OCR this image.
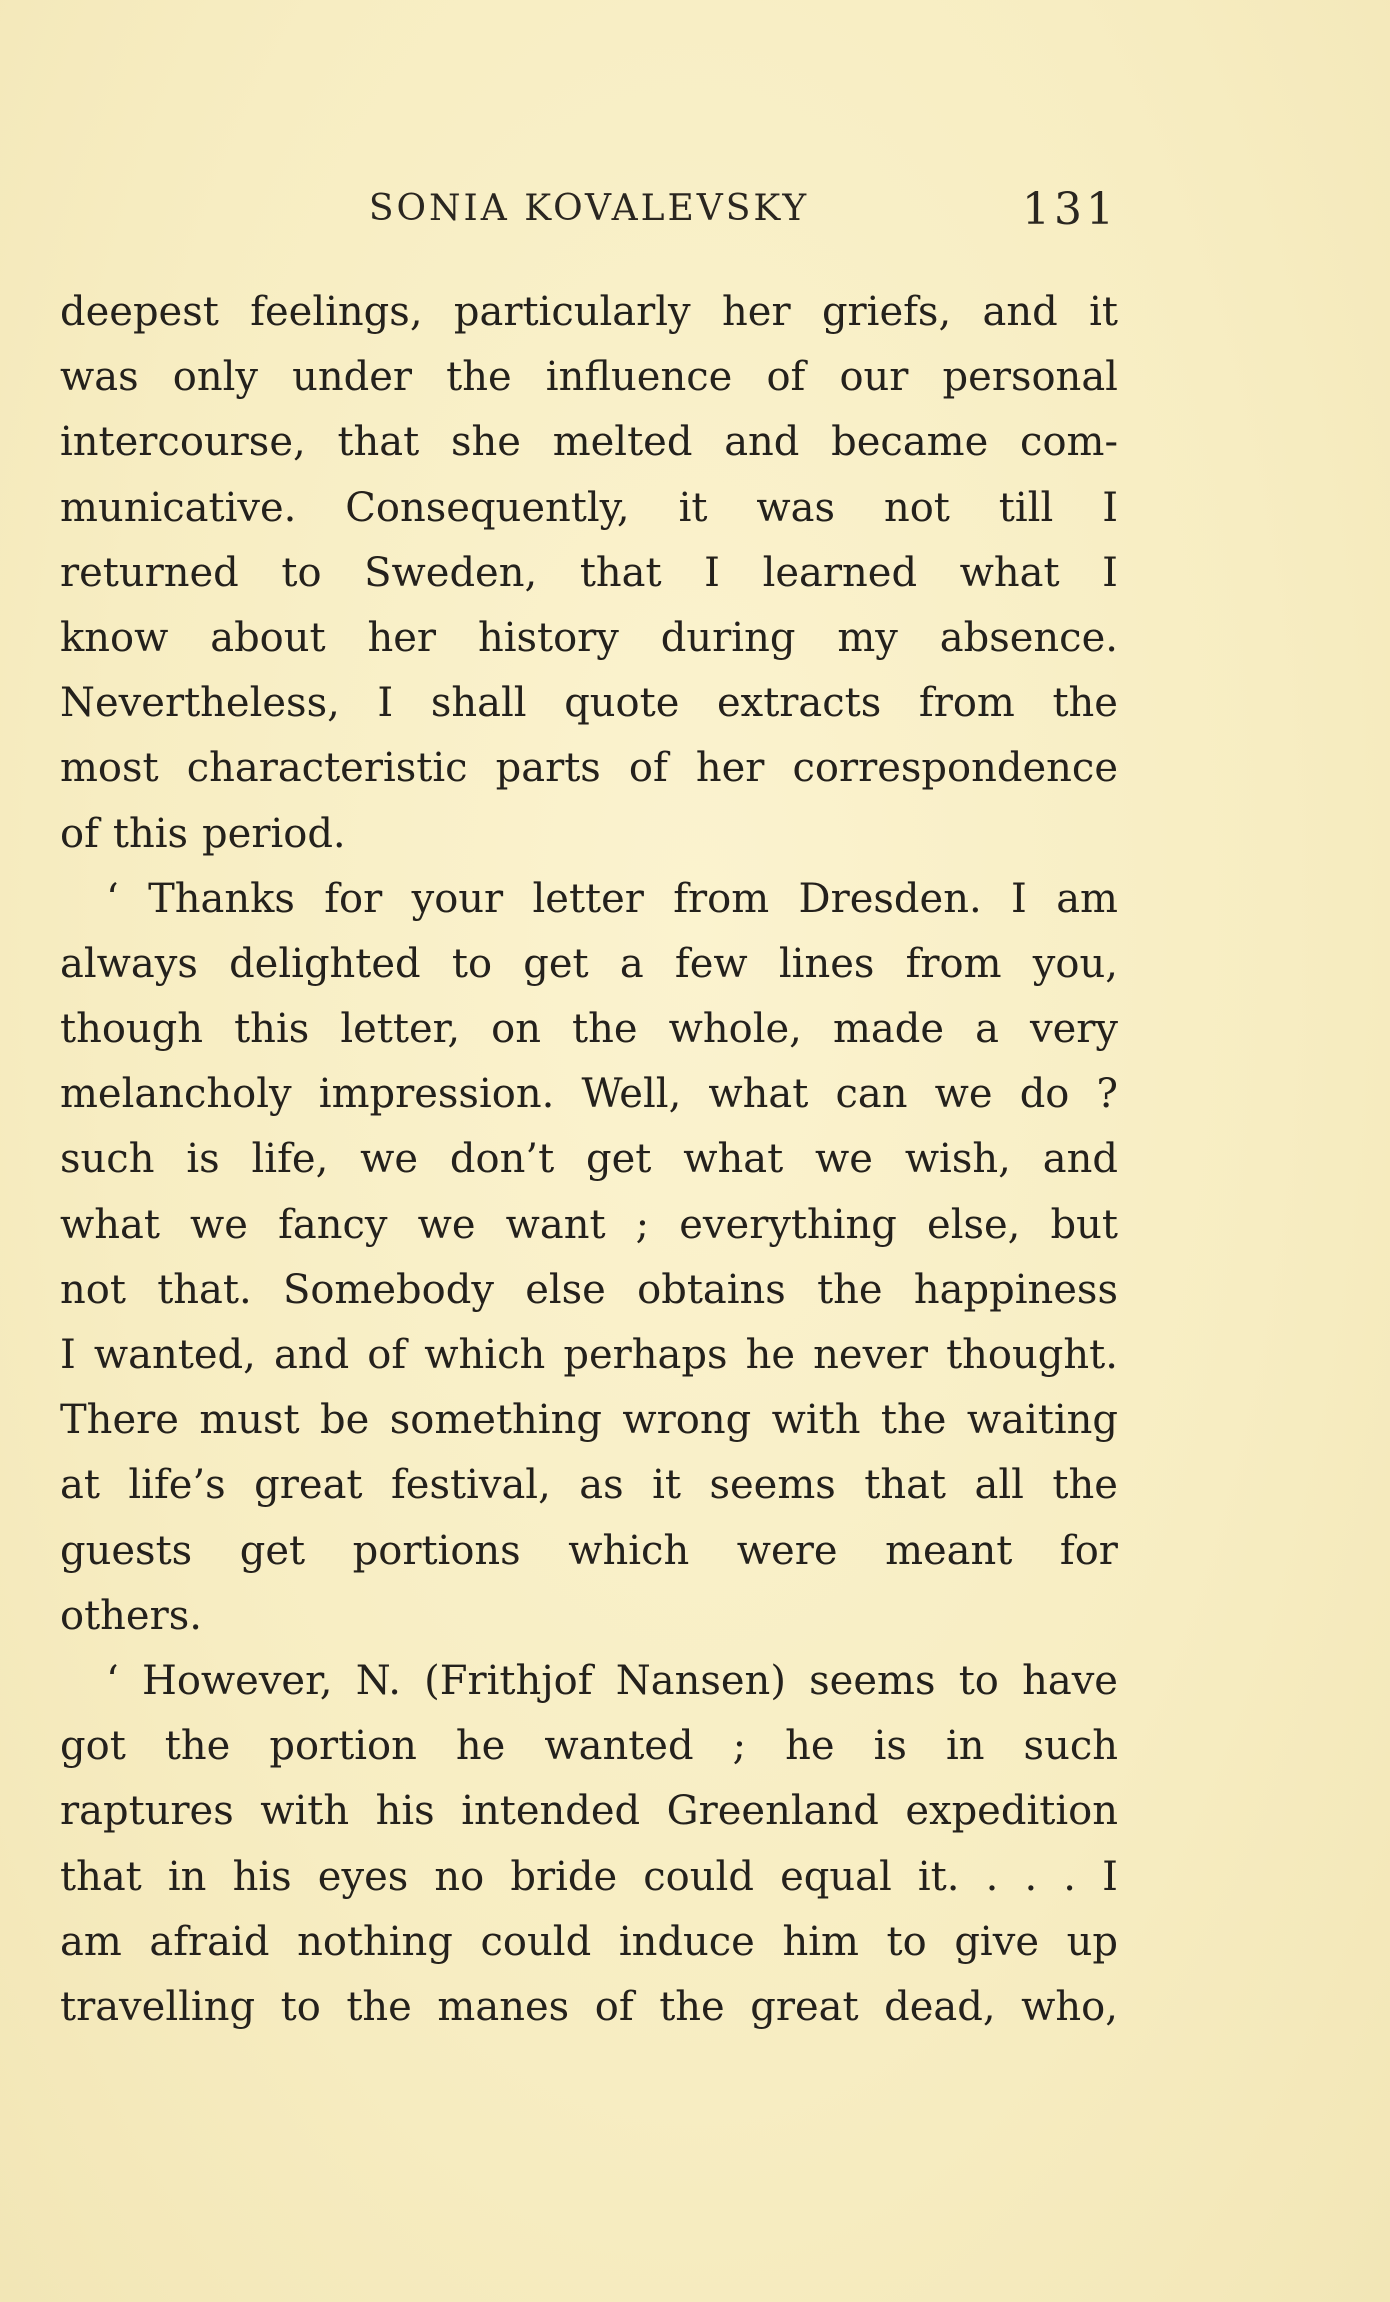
SONIA KOVALEVSKY	131
deepest feelings, particularly her griefs, and it
was only under the influence of our personal
intercourse, that she melted and became com-
municative. Consequently, it was not till I
returned to Sweden, that I learned what I
know about her history during my absence.
Nevertheless, I shall quote extracts from the
most characteristic parts of her correspondence
of this period.
‘ Thanks for your letter from Dresden. I am
always delighted to get a few lines from you,
though this letter, on the whole, made a very
melancholy impression. Well, what can we do ?
such is life, we don’t get what we wish, and
what we fancy we want ; everything else, but
not that. Somebody else obtains the happiness
I wanted, and of which perhaps he never thought.
There must be something wrong with the waiting
at life’s great festival, as it seems that all the
guests get portions which were meant for
others.
‘ However, N. (Frithjof Nansen) seems to have
got the portion he wanted ; he is in such
raptures with his intended Greenland expedition
that in his eyes no bride could equal it. . . . I
am afraid nothing could induce him to give up
travelling to the manes of the great dead, who,
